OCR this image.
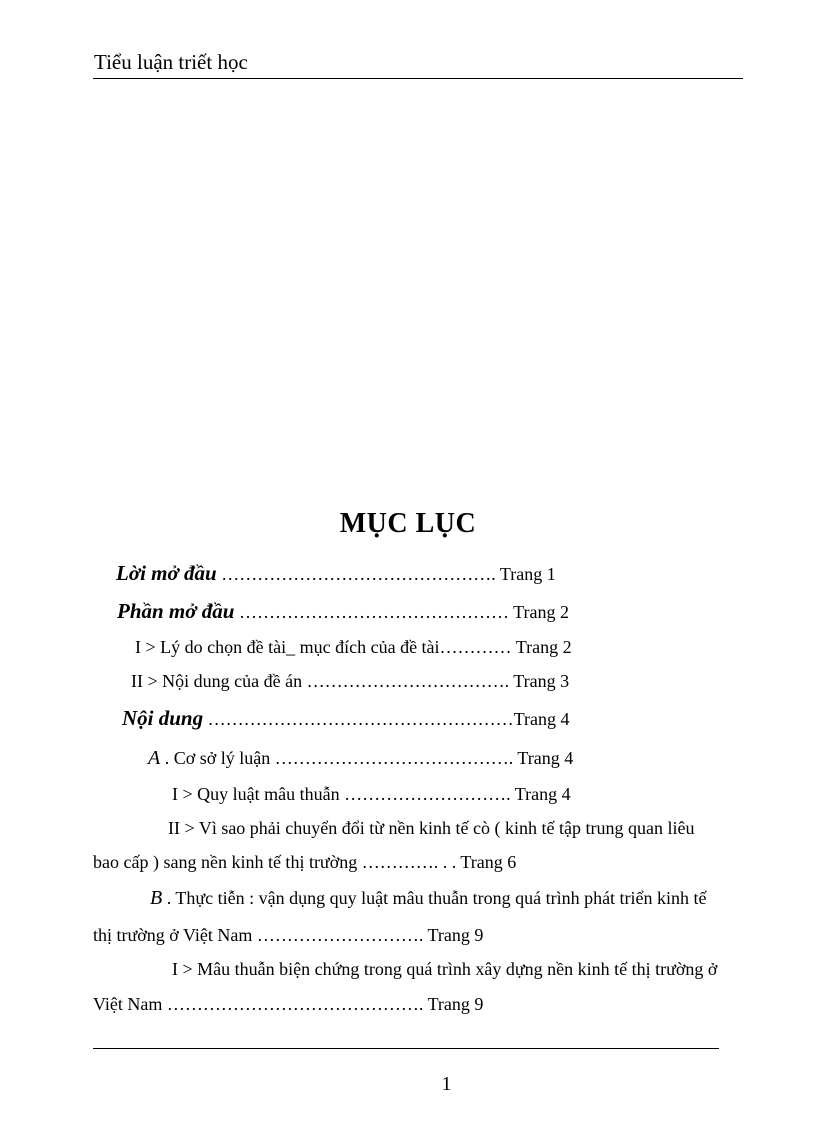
Tiểu luận triết học
MỤC LỤC
Lời mở đầu ………………………………………. Trang 1
Phần mở đầu ……………………………………… Trang 2
I > Lý do chọn đề tài_ mục đích của đề tài………… Trang 2
II > Nội dung của đề án ……………………………. Trang 3
Nội dung ……………………………………………Trang 4
A . Cơ sở lý luận …………………………………. Trang 4
I > Quy luật mâu thuẫn ………………………. Trang 4
II > Vì sao phải chuyển đổi từ nền kinh tế cò ( kinh tế tập trung quan liêu
bao cấp ) sang nền kinh tế thị trường …………. . . Trang 6
B . Thực tiễn : vận dụng quy luật mâu thuẫn trong quá trình phát triển kinh tế
thị trường ở Việt Nam ………………………. Trang 9
I > Mâu thuẫn biện chứng trong quá trình xây dựng nền kinh tế thị trường ở
Việt Nam ……………………………………. Trang 9
1
